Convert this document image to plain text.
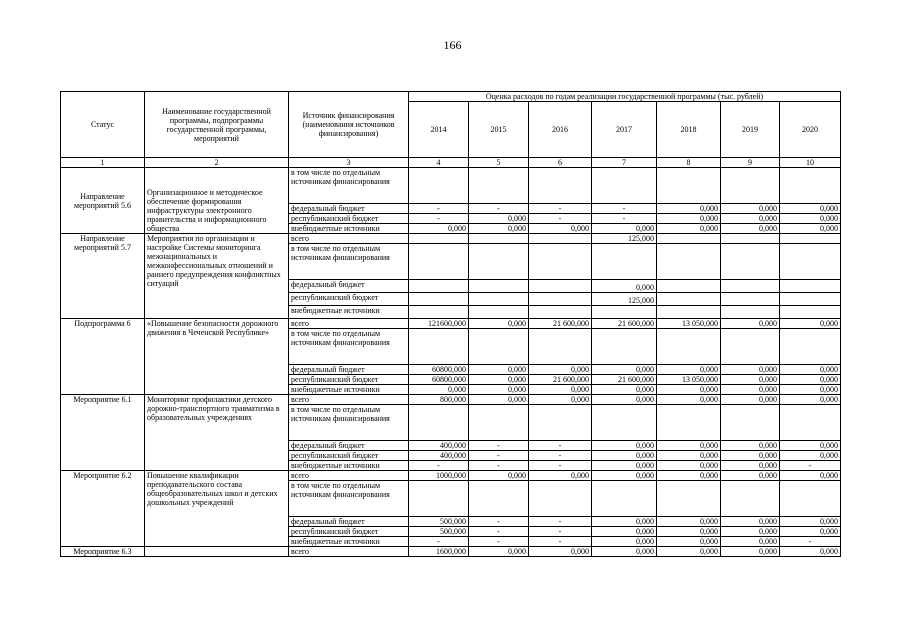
166
Статус	Наименование государственной программы, подпрограммы государственной программы, мероприятий	Источник финансирования (наименования источников финансирования)	Оценка расходов по годам реализации государственной программы (тыс. рублей)						
			2014	2015	2016	2017	2018	2019	2020
1	2	3	4	5	6	7	8	9	10
Направление мероприятий 5.6	Организационное и методическое обеспечение формирования инфраструктуры электронного правительства и информационного общества	в том числе по отдельным источникам финансирования							
		федеральный бюджет	-	-	-	-	0,000	0,000	0,000
		республиканский бюджет	-	0,000	-	-	0,000	0,000	0,000
		внебюджетные источники	0,000	0,000	0,000	0,000	0,000	0,000	0,000
Направление мероприятий 5.7	Мероприятия по организации и настройке Системы мониторинга межнациональных и межконфессиональных отношений и раннего предупреждения конфликтных ситуаций	всего				125,000			
		в том числе по отдельным источникам финансирования							
		федеральный бюджет				0,000			
		республиканский бюджет				125,000			
		внебюджетные источники							
Подпрограмма 6	«Повышение безопасности дорожного движения в Чеченской Республике»	всего	121600,000	0,000	21 600,000	21 600,000	13 050,000	0,000	0,000
		в том числе по отдельным источникам финансирования							
		федеральный бюджет	60800,000	0,000	0,000	0,000	0,000	0,000	0,000
		республиканский бюджет	60800,000	0,000	21 600,000	21 600,000	13 050,000	0,000	0,000
		внебюджетные источники	0,000	0,000	0,000	0,000	0,000	0,000	0,000
Мероприятие 6.1	Мониторинг профилактики детского дорожно-транспортного травматизма в образовательных учреждениях	всего	800,000	0,000	0,000	0,000	0,000	0,000	0,000
		в том числе по отдельным источникам финансирования							
		федеральный бюджет	400,000	-	-	0,000	0,000	0,000	0,000
		республиканский бюджет	400,000	-	-	0,000	0,000	0,000	0,000
		внебюджетные источники	-	-	-	0,000	0,000	0,000	-
Мероприятие 6.2	Повышение квалификации преподавательского состава общеобразовательных школ и детских дошкольных учреждений	всего	1000,000	0,000	0,000	0,000	0,000	0,000	0,000
		в том числе по отдельным источникам финансирования							
		федеральный бюджет	500,000	-	-	0,000	0,000	0,000	0,000
		республиканский бюджет	500,000	-	-	0,000	0,000	0,000	0,000
		внебюджетные источники	-	-	-	0,000	0,000	0,000	-
Мероприятие 6.3		всего	1600,000	0,000	0,000	0,000	0,000	0,000	0,000
